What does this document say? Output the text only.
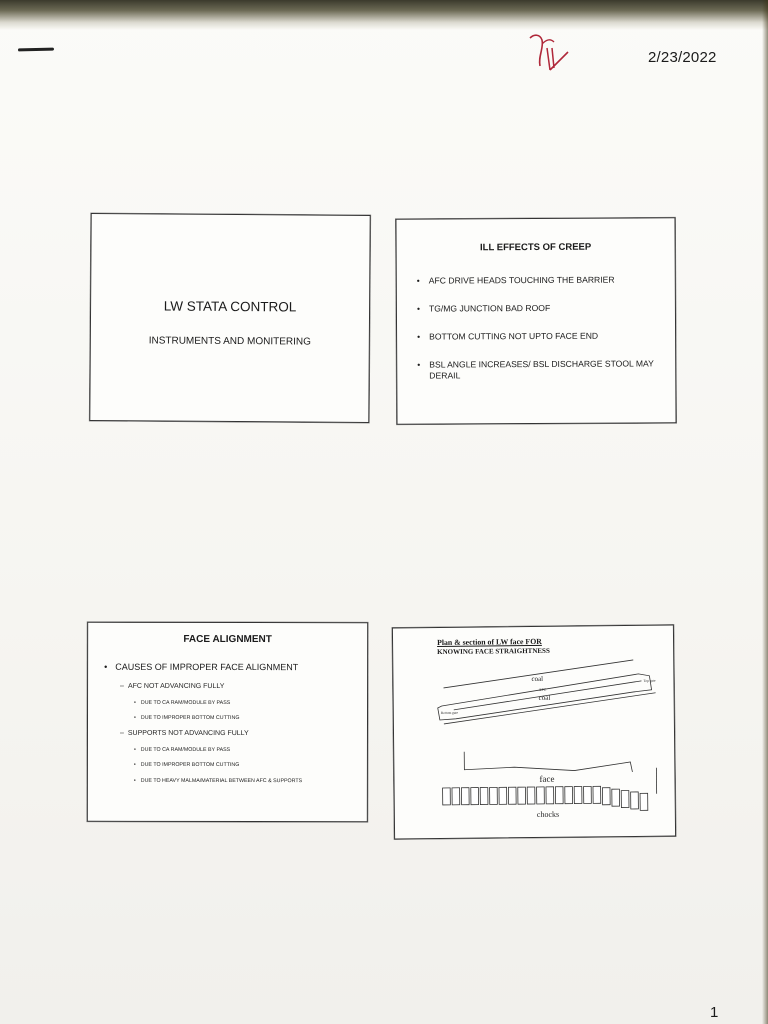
2/23/2022
LW STATA CONTROL
INSTRUMENTS AND MONITERING
ILL EFFECTS OF CREEP
• AFC DRIVE HEADS TOUCHING THE BARRIER
• TG/MG JUNCTION BAD ROOF
• BOTTOM CUTTING NOT UPTO FACE END
• BSL ANGLE INCREASES/ BSL DISCHARGE STOOL MAY DERAIL
FACE ALIGNMENT
• CAUSES OF IMPROPER FACE ALIGNMENT
– AFC NOT ADVANCING FULLY
• DUE TO CA RAM/MODULE BY PASS
• DUE TO IMPROPER BOTTOM CUTTING
– SUPPORTS NOT ADVANCING FULLY
• DUE TO CA RAM/MODULE BY PASS
• DUE TO IMPROPER BOTTOM CUTTING
• DUE TO HEAVY MALMA/MATERIAL BETWEEN AFC & SUPPORTS
Plan & section of LW face FOR
KNOWING FACE STRAIGHTNESS
coal
AFC
coal
Top gate
Bottom gate
face
chocks
1
